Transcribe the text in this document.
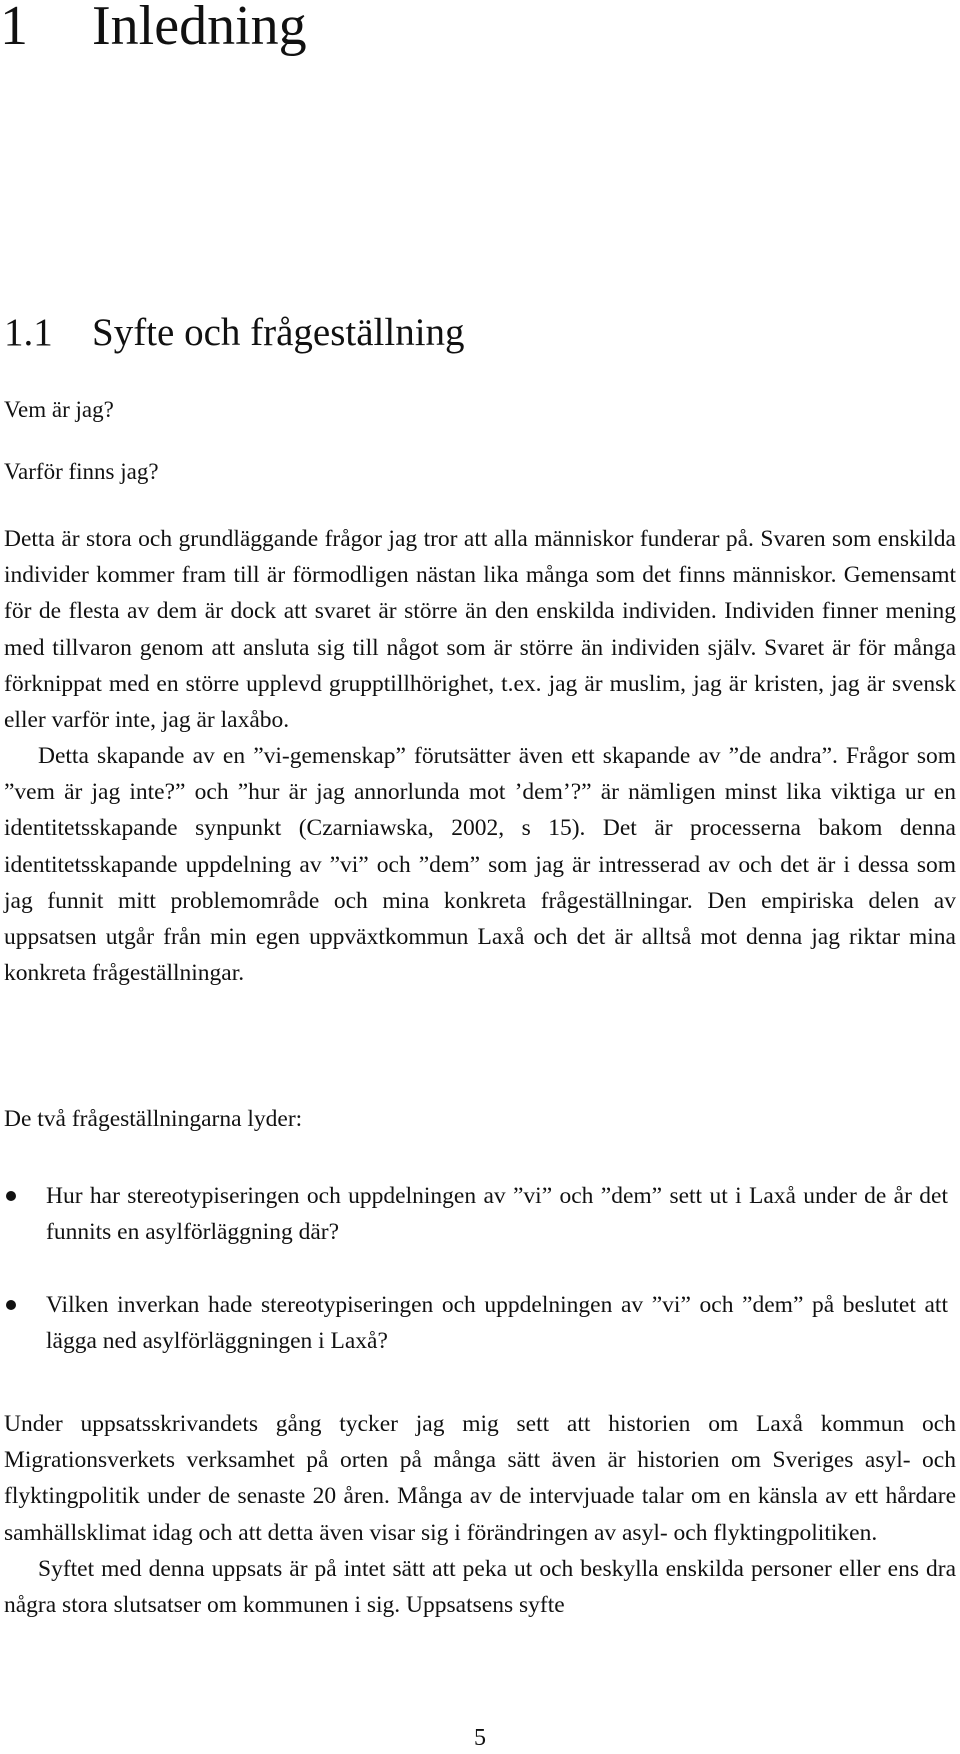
1 Inledning
1.1 Syfte och frågeställning

Vem är jag?

Varför finns jag?

Detta är stora och grundläggande frågor jag tror att alla människor funderar på. Svaren som enskilda individer kommer fram till är förmodligen nästan lika många som det finns människor. Gemensamt för de flesta av dem är dock att svaret är större än den enskilda individen. Individen finner mening med tillvaron genom att ansluta sig till något som är större än individen själv. Svaret är för många förknippat med en större upplevd grupptillhörighet, t.ex. jag är muslim, jag är kristen, jag är svensk eller varför inte, jag är laxåbo.

Detta skapande av en ”vi-gemenskap” förutsätter även ett skapande av ”de andra”. Frågor som ”vem är jag inte?” och ”hur är jag annorlunda mot ’dem’?” är nämligen minst lika viktiga ur en identitetsskapande synpunkt (Czarniawska, 2002, s 15). Det är processerna bakom denna identitetsskapande uppdelning av ”vi” och ”dem” som jag är intresserad av och det är i dessa som jag funnit mitt problemområde och mina konkreta frågeställningar. Den empiriska delen av uppsatsen utgår från min egen uppväxtkommun Laxå och det är alltså mot denna jag riktar mina konkreta frågeställningar.

De två frågeställningarna lyder:

Hur har stereotypiseringen och uppdelningen av ”vi” och ”dem” sett ut i Laxå under de år det funnits en asylförläggning där?
Vilken inverkan hade stereotypiseringen och uppdelningen av ”vi” och ”dem” på beslutet att lägga ned asylförläggningen i Laxå?

Under uppsatsskrivandets gång tycker jag mig sett att historien om Laxå kommun och Migrationsverkets verksamhet på orten på många sätt även är historien om Sveriges asyl- och flyktingpolitik under de senaste 20 åren. Många av de intervjuade talar om en känsla av ett hårdare samhällsklimat idag och att detta även visar sig i förändringen av asyl- och flyktingpolitiken.

Syftet med denna uppsats är på intet sätt att peka ut och beskylla enskilda personer eller ens dra några stora slutsatser om kommunen i sig. Uppsatsens syfte

5
